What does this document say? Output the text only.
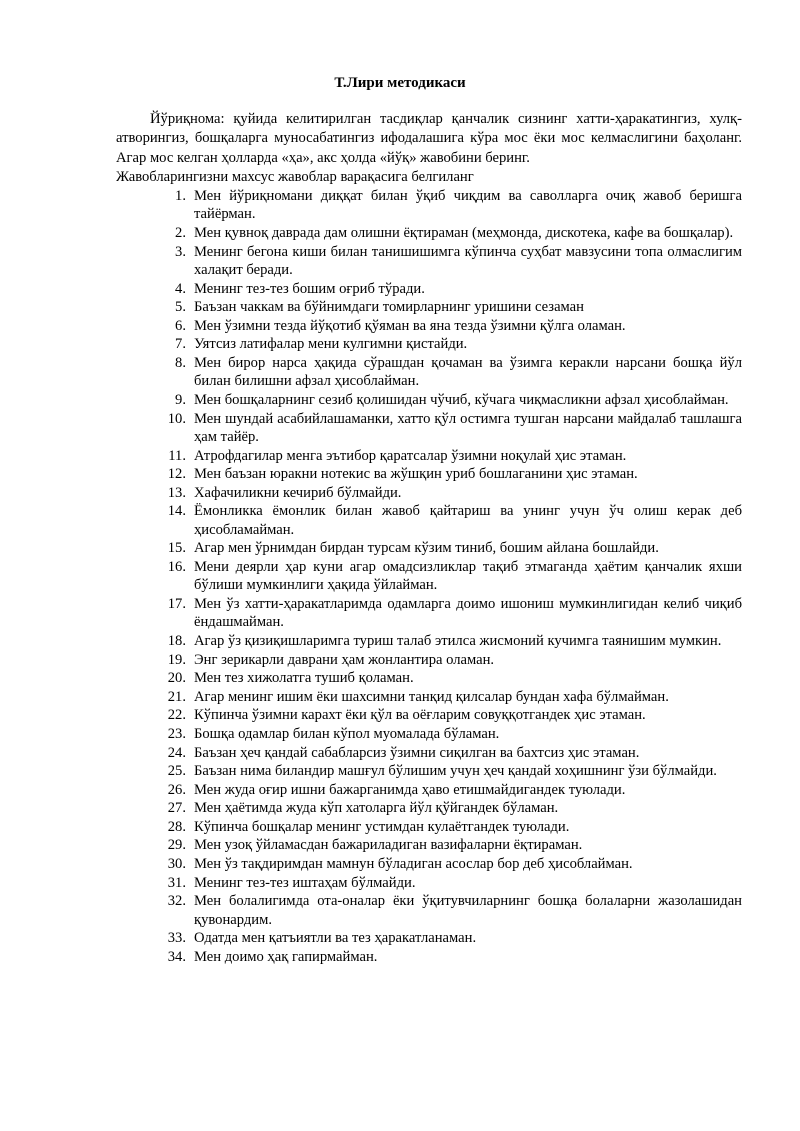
Т.Лири методикаси

Йўриқнома: қуйида келитирилган тасдиқлар қанчалик сизнинг хатти-ҳаракатингиз, хулқ-атворингиз, бошқаларга муносабатингиз ифодалашига кўра мос ёки мос келмаслигини баҳоланг. Агар мос келган ҳолларда «ҳа», акс ҳолда «йўқ» жавобини беринг.

Жавобларингизни махсус жавоблар варақасига белгиланг

1. Мен йўриқномани диққат билан ўқиб чиқдим ва саволларга очиқ жавоб беришга тайёрман.
2. Мен қувноқ даврада дам олишни ёқтираман (меҳмонда, дискотека, кафе ва бошқалар).
3. Менинг бегона киши билан танишишимга кўпинча суҳбат мавзусини топа олмаслигим халақит беради.
4. Менинг тез-тез бошим оғриб тўради.
5. Баъзан чаккам ва бўйнимдаги томирларнинг уришини сезаман
6. Мен ўзимни тезда йўқотиб қўяман ва яна тезда ўзимни қўлга оламан.
7. Уятсиз латифалар мени кулгимни қистайди.
8. Мен бирор нарса ҳақида сўрашдан қочаман ва ўзимга керакли нарсани бошқа йўл билан билишни афзал ҳисоблайман.
9. Мен бошқаларнинг сезиб қолишидан чўчиб, кўчага чиқмасликни афзал ҳисоблайман.
10. Мен шундай асабийлашаманки, хатто қўл остимга тушган нарсани майдалаб ташлашга ҳам тайёр.
11. Атрофдагилар менга эътибор қаратсалар ўзимни ноқулай ҳис этаман.
12. Мен баъзан юракни нотекис ва жўшқин уриб бошлаганини ҳис этаман.
13. Хафачиликни кечириб бўлмайди.
14. Ёмонликка ёмонлик билан жавоб қайтариш ва унинг учун ўч олиш керак деб ҳисобламайман.
15. Агар мен ўрнимдан бирдан турсам кўзим тиниб, бошим айлана бошлайди.
16. Мени деярли ҳар куни агар омадсизликлар тақиб этмаганда ҳаётим қанчалик яхши бўлиши мумкинлиги ҳақида ўйлайман.
17. Мен ўз хатти-ҳаракатларимда одамларга доимо ишониш мумкинлигидан келиб чиқиб ёндашмайман.
18. Агар ўз қизиқишларимга туриш талаб этилса жисмоний кучимга таянишим мумкин.
19. Энг зерикарли даврани ҳам жонлантира оламан.
20. Мен тез хижолатга тушиб қоламан.
21. Агар менинг ишим ёки шахсимни танқид қилсалар бундан хафа бўлмайман.
22. Кўпинча ўзимни карахт ёки қўл ва оёғларим совуққотгандек ҳис этаман.
23. Бошқа одамлар билан кўпол муомалада бўламан.
24. Баъзан ҳеч қандай сабабларсиз ўзимни сиқилган ва бахтсиз ҳис этаман.
25. Баъзан нима биландир машғул бўлишим учун ҳеч қандай хоҳишнинг ўзи бўлмайди.
26. Мен жуда оғир ишни бажарганимда ҳаво етишмайдигандек туюлади.
27. Мен ҳаётимда жуда кўп хатоларга йўл қўйгандек бўламан.
28. Кўпинча бошқалар менинг устимдан кулаётгандек туюлади.
29. Мен узоқ ўйламасдан бажариладиган вазифаларни ёқтираман.
30. Мен ўз тақдиримдан мамнун бўладиган асослар бор деб ҳисоблайман.
31. Менинг тез-тез иштаҳам бўлмайди.
32. Мен болалигимда ота-оналар ёки ўқитувчиларнинг бошқа болаларни жазолашидан қувонардим.
33. Одатда мен қатъиятли ва тез ҳаракатланаман.
34. Мен доимо ҳақ гапирмайман.
